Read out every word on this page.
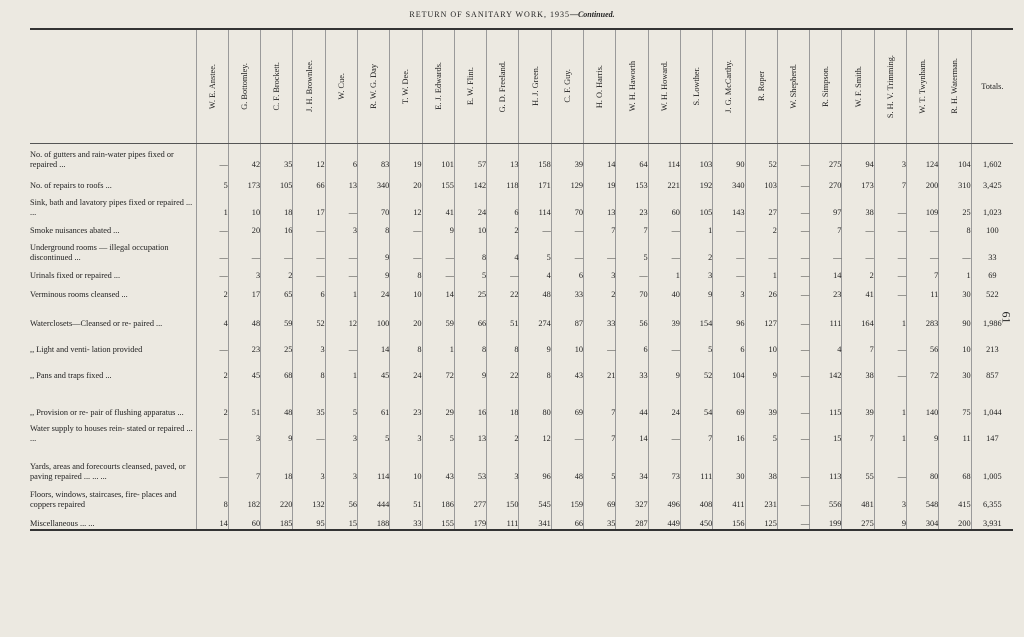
RETURN OF SANITARY WORK, 1935—Continued.
61

	W. E. Anstee.	G. Bottomley.	C. F. Brockett.	J. H. Brownlee.	W. Cue.	R. W. G. Day	T. W. Dee.	E. J. Edwards.	E. W. Flint.	G. D. Freeland.	H. J. Green.	C. F. Guy.	H. O. Harris.	W. H. Haworth	W. H. Howard.	S. Lowther.	J. G. McCarthy.	R. Roper	W. Shepherd.	R. Simpson.	W. F. Smith.	S. H. V. Trimming.	W. T. Twynham.	R. H. Waterman.	Totals.
No. of gutters and rain-water pipes fixed or repaired ...	—	42	35	12	6	83	19	101	57	13	158	39	14	64	114	103	90	52	—	275	94	3	124	104	1,602
No. of repairs to roofs ...	5	173	105	66	13	340	20	155	142	118	171	129	19	153	221	192	340	103	—	270	173	7	200	310	3,425
Sink, bath and lavatory pipes fixed or repaired ... ...	1	10	18	17	—	70	12	41	24	6	114	70	13	23	60	105	143	27	—	97	38	—	109	25	1,023
Smoke nuisances abated ...	—	20	16	—	3	8	—	9	10	2	—	—	7	7	—	1	—	2	—	7	—	—	—	8	100
Underground rooms — illegal occupation discontinued ...	—	—	—	—	—	9	—	—	8	4	5	—	—	5	—	2	—	—	—	—	—	—	—	—	33
Urinals fixed or repaired ...	—	3	2	—	—	9	8	—	5	—	4	6	3	—	1	3	—	1	—	14	2	—	7	1	69
Verminous rooms cleansed ...	2	17	65	6	1	24	10	14	25	22	48	33	2	70	40	9	3	26	—	23	41	—	11	30	522
Waterclosets—Cleansed or re- paired ...	4	48	59	52	12	100	20	59	66	51	274	87	33	56	39	154	96	127	—	111	164	1	283	90	1,986
,, Light and venti- lation provided	—	23	25	3	—	14	8	1	8	8	9	10	—	6	—	5	6	10	—	4	7	—	56	10	213
,, Pans and traps fixed ...	2	45	68	8	1	45	24	72	9	22	8	43	21	33	9	52	104	9	—	142	38	—	72	30	857
,, Provision or re- pair of flushing apparatus ...	2	51	48	35	5	61	23	29	16	18	80	69	7	44	24	54	69	39	—	115	39	1	140	75	1,044
Water supply to houses rein- stated or repaired ... ...	—	3	9	—	3	5	3	5	13	2	12	—	7	14	—	7	16	5	—	15	7	1	9	11	147
Yards, areas and forecourts cleansed, paved, or paving repaired ... ... ...	—	7	18	3	3	114	10	43	53	3	96	48	5	34	73	111	30	38	—	113	55	—	80	68	1,005
Floors, windows, staircases, fire- places and coppers repaired	8	182	220	132	56	444	51	186	277	150	545	159	69	327	496	408	411	231	—	556	481	3	548	415	6,355
Miscellaneous ... ...	14	60	185	95	15	188	33	155	179	111	341	66	35	287	449	450	156	125	—	199	275	9	304	200	3,931
